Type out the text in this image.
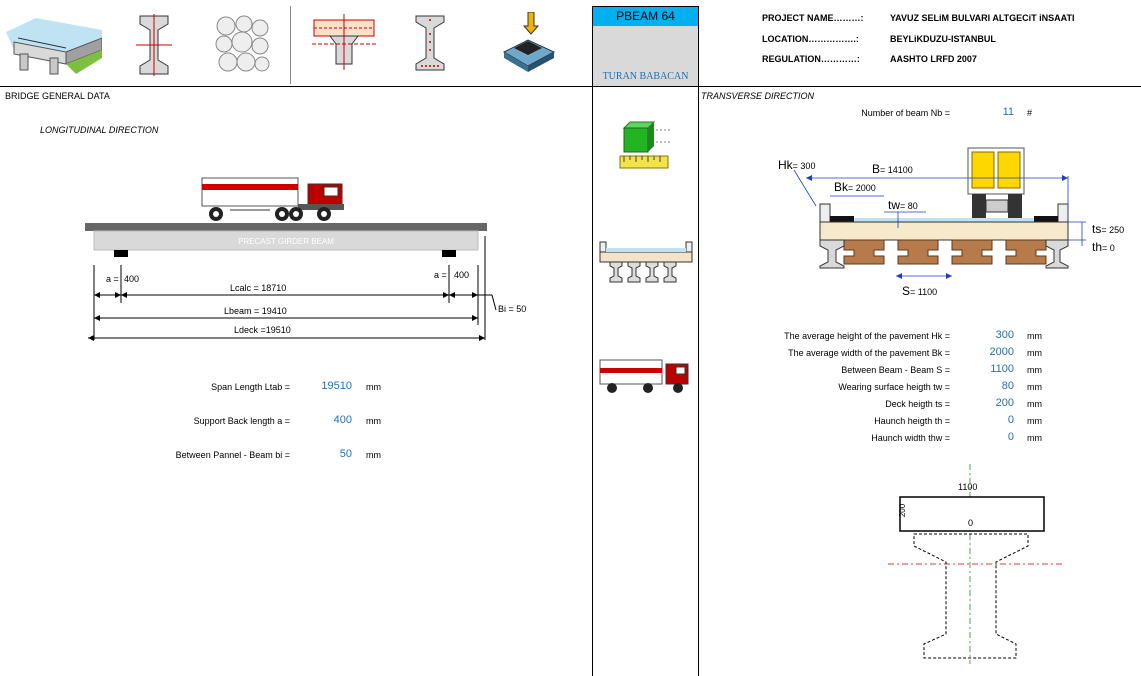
PBEAM 64
TURAN BABACAN
PROJECT NAME………:	YAVUZ SELiM BULVARI ALTGECiT iNSAATI
LOCATION…………….:	BEYLiKDUZU-ISTANBUL
REGULATION…………:	AASHTO LRFD 2007
BRIDGE GENERAL DATA
LONGITUDINAL DIRECTION
PRECAST GIRDER BEAM
a = 400	a = 400
Lcalc = 18710
Lbeam = 19410
Ldeck =19510
Bi = 50
Span Length Ltab =	19510 mm
Support Back length a =	400 mm
Between Pannel - Beam bi =	50 mm
TRANSVERSE DIRECTION
Number of beam Nb =	11 #
Hk= 300	B= 14100
Bk= 2000
tw= 80
ts= 250
th= 0
S= 1100
The average height of the pavement Hk =	300 mm
The average width of the pavement Bk =	2000 mm
Between Beam - Beam S =	1100 mm
Wearing surface heigth tw =	80 mm
Deck heigth ts =	200 mm
Haunch heigth th =	0 mm
Haunch width thw =	0 mm
1100
200
0
